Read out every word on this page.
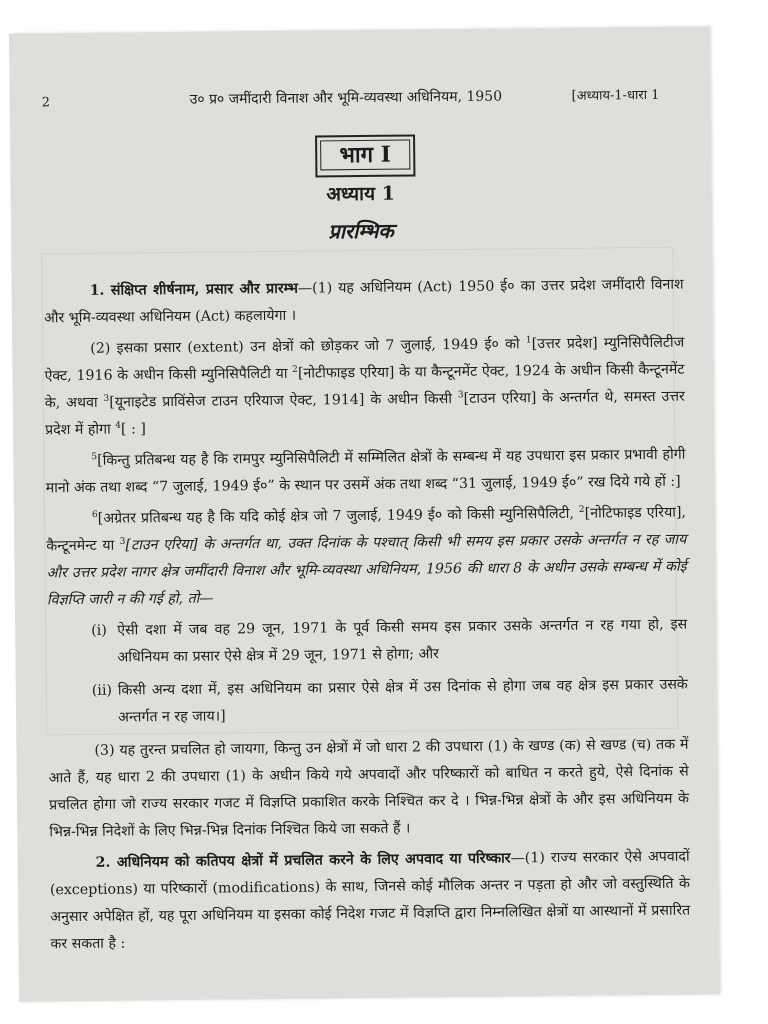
2	उ० प्र० जमींदारी विनाश और भूमि-व्यवस्था अधिनियम, 1950	[अध्याय-1-धारा 1
भाग I
अध्याय 1
प्रारम्भिक

1. संक्षिप्त शीर्षनाम, प्रसार और प्रारम्भ—(1) यह अधिनियम (Act) 1950 ई० का उत्तर प्रदेश जमींदारी विनाश और भूमि-व्यवस्था अधिनियम (Act) कहलायेगा ।

(2) इसका प्रसार (extent) उन क्षेत्रों को छोड़कर जो 7 जुलाई, 1949 ई० को $^1$[उत्तर प्रदेश] म्युनिसिपैलिटीज ऐक्ट, 1916 के अधीन किसी म्युनिसिपैलिटी या $^2$[नोटीफाइड एरिया] के या कैन्टूनमेंट ऐक्ट, 1924 के अधीन किसी कैन्टूनमेंट के, अथवा $^3$[यूनाइटेड प्राविंसेज टाउन एरियाज ऐक्ट, 1914] के अधीन किसी $^3$[टाउन एरिया] के अन्तर्गत थे, समस्त उत्तर प्रदेश में होगा $^4$[ : ]

$^5$[किन्तु प्रतिबन्ध यह है कि रामपुर म्युनिसिपैलिटी में सम्मिलित क्षेत्रों के सम्बन्ध में यह उपधारा इस प्रकार प्रभावी होगी मानो अंक तथा शब्द “7 जुलाई, 1949 ई०” के स्थान पर उसमें अंक तथा शब्द “31 जुलाई, 1949 ई०” रख दिये गये हों :]

$^6$[अग्रेतर प्रतिबन्ध यह है कि यदि कोई क्षेत्र जो 7 जुलाई, 1949 ई० को किसी म्युनिसिपैलिटी, $^2$[नोटिफाइड एरिया], कैन्टूनमेन्ट या $^3$[टाउन एरिया] के अन्तर्गत था, उक्त दिनांक के पश्चात् किसी भी समय इस प्रकार उसके अन्तर्गत न रह जाय और उत्तर प्रदेश नागर क्षेत्र जमींदारी विनाश और भूमि-व्यवस्था अधिनियम, 1956 की धारा 8 के अधीन उसके सम्बन्ध में कोई विज्ञप्ति जारी न की गई हो, तो—

(i) ऐसी दशा में जब वह 29 जून, 1971 के पूर्व किसी समय इस प्रकार उसके अन्तर्गत न रह गया हो, इस अधिनियम का प्रसार ऐसे क्षेत्र में 29 जून, 1971 से होगा; और

(ii) किसी अन्य दशा में, इस अधिनियम का प्रसार ऐसे क्षेत्र में उस दिनांक से होगा जब वह क्षेत्र इस प्रकार उसके अन्तर्गत न रह जाय।]

(3) यह तुरन्त प्रचलित हो जायगा, किन्तु उन क्षेत्रों में जो धारा 2 की उपधारा (1) के खण्ड (क) से खण्ड (च) तक में आते हैं, यह धारा 2 की उपधारा (1) के अधीन किये गये अपवादों और परिष्कारों को बाधित न करते हुये, ऐसे दिनांक से प्रचलित होगा जो राज्य सरकार गजट में विज्ञप्ति प्रकाशित करके निश्चित कर दे । भिन्न-भिन्न क्षेत्रों के और इस अधिनियम के भिन्न-भिन्न निदेशों के लिए भिन्न-भिन्न दिनांक निश्चित किये जा सकते हैं ।

2. अधिनियम को कतिपय क्षेत्रों में प्रचलित करने के लिए अपवाद या परिष्कार—(1) राज्य सरकार ऐसे अपवादों (exceptions) या परिष्कारों (modifications) के साथ, जिनसे कोई मौलिक अन्तर न पड़ता हो और जो वस्तुस्थिति के अनुसार अपेक्षित हों, यह पूरा अधिनियम या इसका कोई निदेश गजट में विज्ञप्ति द्वारा निम्नलिखित क्षेत्रों या आस्थानों में प्रसारित कर सकता है :
